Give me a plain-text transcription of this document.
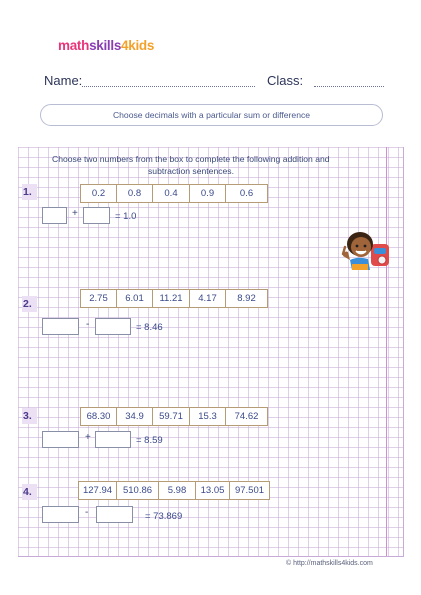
mathskills4kids
Name:	Class:
Choose decimals with a particular sum or difference
Choose two numbers from the box to complete the following addition and
subtraction sentences.
1.	0.2	0.8	0.4	0.9	0.6
+	= 1.0
2.	2.75	6.01	11.21	4.17	8.92
-	= 8.46
3.	68.30	34.9	59.71	15.3	74.62
+	= 8.59
4.	127.94	510.86	5.98	13.05	97.501
-	= 73.869
© http://mathskills4kids.com
